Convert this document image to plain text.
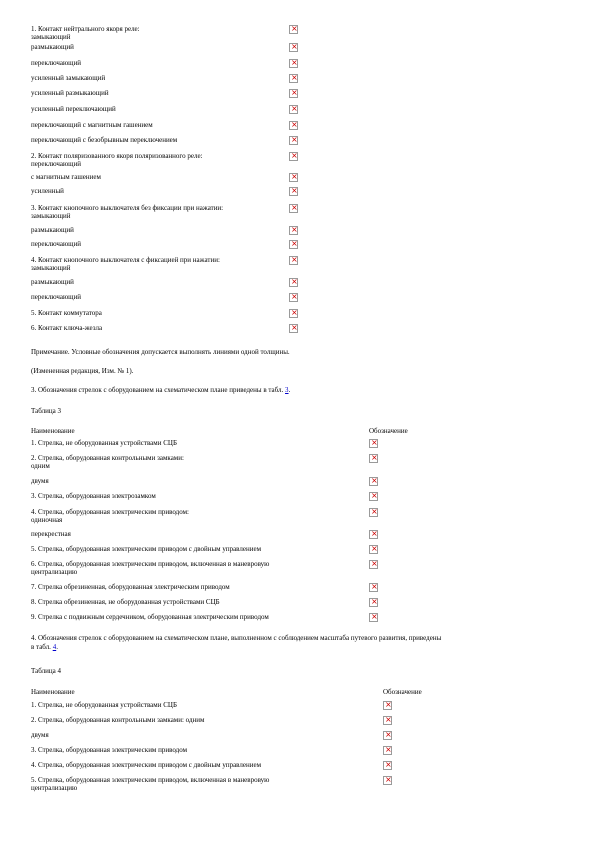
1. Контакт нейтрального якоря реле:
замыкающий
×
размыкающий
×
переключающий
×
усиленный замыкающий
×
усиленный размыкающий
×
усиленный переключающий
×
переключающий с магнитным гашением
×
переключающий с безобрывным переключением
×
2. Контакт поляризованного якоря поляризованного реле:
переключающий
×
с магнитным гашением
×
усиленный
×
3. Контакт кнопочного выключателя без фиксации при нажатии:
замыкающий
×
размыкающий
×
переключающий
×
4. Контакт кнопочного выключателя с фиксацией при нажатии:
замыкающий
×
размыкающий
×
переключающий
×
5. Контакт коммутатора
×
6. Контакт ключа-жезла
×
Примечание. Условные обозначения допускается выполнять линиями одной толщины.
(Измененная редакция, Изм. № 1).
3. Обозначения стрелок с оборудованием на схематическом плане приведены в табл. 3.
Таблица 3
Наименование	Обозначение
1. Стрелка, не оборудованная устройствами СЦБ
×
2. Стрелка, оборудованная контрольными замками:
одним
×
двумя
×
3. Стрелка, оборудованная электрозамком
×
4. Стрелка, оборудованная электрическим приводом:
одиночная
×
перекрестная
×
5. Стрелка, оборудованная электрическим приводом с двойным управлением
×
6. Стрелка, оборудованная электрическим приводом, включенная в маневровую
централизацию
×
7. Стрелка обрезиненная, оборудованная электрическим приводом
×
8. Стрелка обрезиненная, не оборудованная устройствами СЦБ
×
9. Стрелка с подвижным сердечником, оборудованная электрическим приводом
×
4. Обозначения стрелок с оборудованием на схематическом плане, выполненном с соблюдением масштаба путевого развития, приведены
в табл. 4.
Таблица 4
Наименование	Обозначение
1. Стрелка, не оборудованная устройствами СЦБ
×
2. Стрелка, оборудованная контрольными замками: одним
×
двумя
×
3. Стрелка, оборудованная электрическим приводом
×
4. Стрелка, оборудованная электрическим приводом с двойным управлением
×
5. Стрелка, оборудованная электрическим приводом, включенная в маневровую
централизацию
×
